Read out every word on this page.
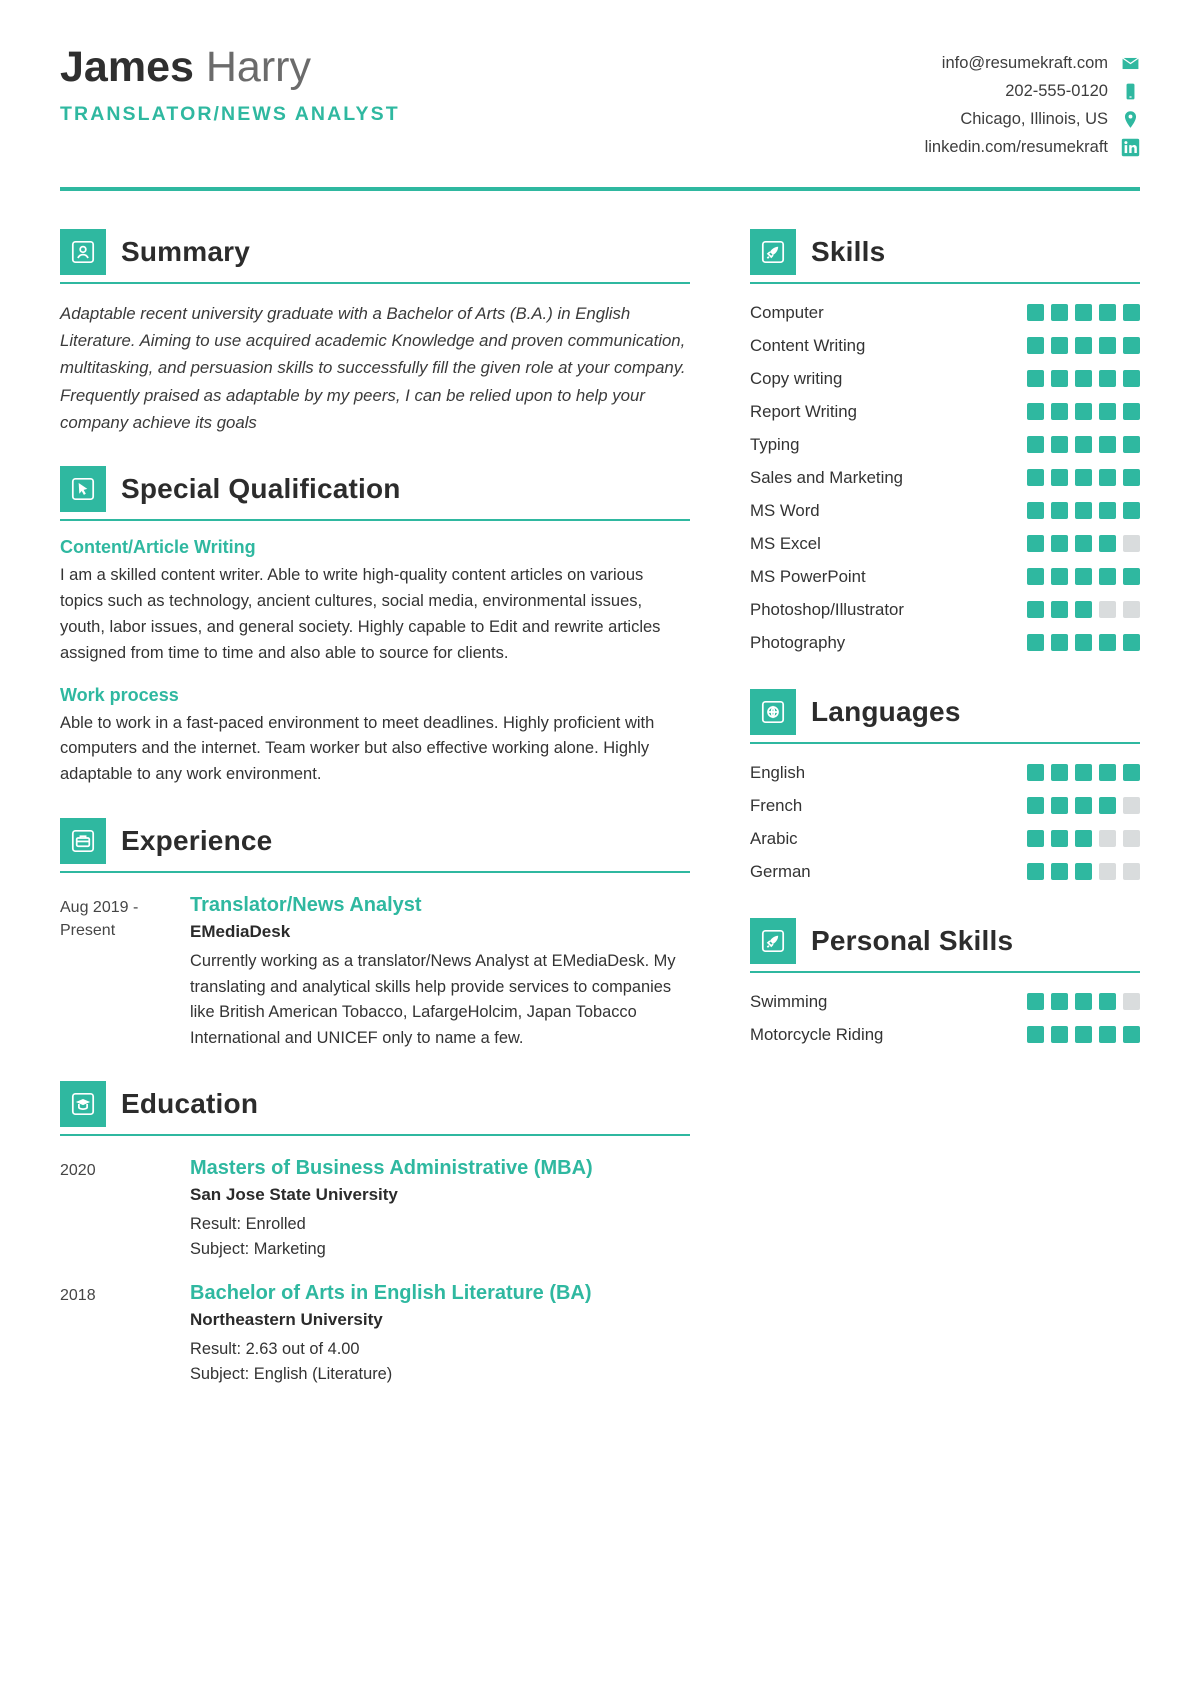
James Harry
TRANSLATOR/NEWS ANALYST
info@resumekraft.com
202-555-0120
Chicago, Illinois, US
linkedin.com/resumekraft
Summary

Adaptable recent university graduate with a Bachelor of Arts (B.A.) in English Literature. Aiming to use acquired academic Knowledge and proven communication, multitasking, and persuasion skills to successfully fill the given role at your company. Frequently praised as adaptable by my peers, I can be relied upon to help your company achieve its goals

Special Qualification
Content/Article Writing
I am a skilled content writer. Able to write high-quality content articles on various topics such as technology, ancient cultures, social media, environmental issues, youth, labor issues, and general society. Highly capable to Edit and rewrite articles assigned from time to time and also able to source for clients.
Work process
Able to work in a fast-paced environment to meet deadlines. Highly proficient with computers and the internet. Team worker but also effective working alone. Highly adaptable to any work environment.
Experience
Aug 2019 - Present
Translator/News Analyst
EMediaDesk
Currently working as a translator/News Analyst at EMediaDesk. My translating and analytical skills help provide services to companies like British American Tobacco, LafargeHolcim, Japan Tobacco International and UNICEF only to name a few.
Education
2020	Masters of Business Administrative (MBA)
San Jose State University
Result: Enrolled
Subject: Marketing
2018	Bachelor of Arts in English Literature (BA)
Northeastern University
Result: 2.63 out of 4.00
Subject: English (Literature)
Skills
Computer
Content Writing
Copy writing
Report Writing
Typing
Sales and Marketing
MS Word
MS Excel
MS PowerPoint
Photoshop/Illustrator
Photography
Languages
English
French
Arabic
German
Personal Skills
Swimming
Motorcycle Riding
